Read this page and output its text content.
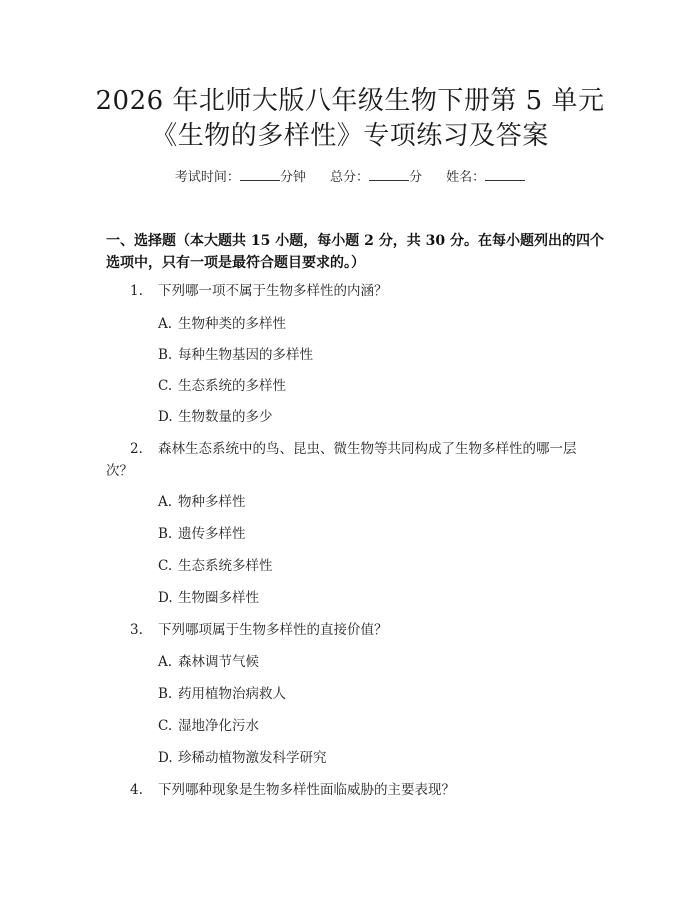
2026 年北师大版八年级生物下册第 5 单元
《生物的多样性》专项练习及答案
考试时间：	分钟 总分：	分 姓名：
一、选择题（本大题共 15 小题，每小题 2 分，共 30 分。在每小题列出的四个选项中，只有一项是最符合题目要求的。）
1. 下列哪一项不属于生物多样性的内涵？
A. 生物种类的多样性
B. 每种生物基因的多样性
C. 生态系统的多样性
D. 生物数量的多少
2. 森林生态系统中的鸟、昆虫、微生物等共同构成了生物多样性的哪一层次？
A. 物种多样性
B. 遗传多样性
C. 生态系统多样性
D. 生物圈多样性
3. 下列哪项属于生物多样性的直接价值？
A. 森林调节气候
B. 药用植物治病救人
C. 湿地净化污水
D. 珍稀动植物激发科学研究
4. 下列哪种现象是生物多样性面临威胁的主要表现？
